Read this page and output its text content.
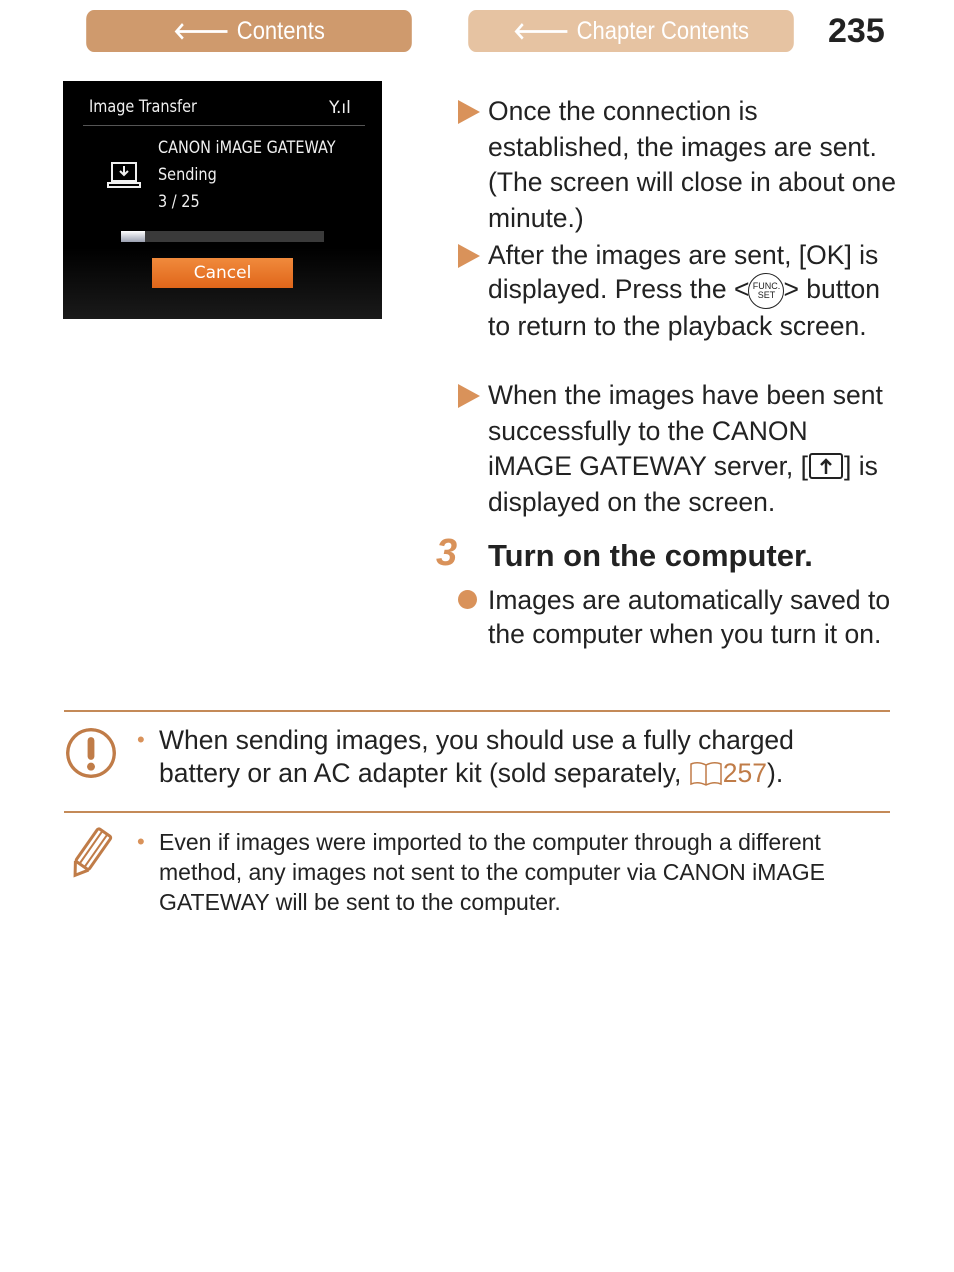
🡐 Contents	🡐 Chapter Contents 235
Image Transfer	Y.ıl
CANON iMAGE GATEWAY
Sending
3 / 25
Cancel
Once the connection is established, the images are sent. (The screen will close in about one minute.)
After the images are sent, [OK] is displayed. Press the < FUNC.
SET > button to return to the playback screen.
When the images have been sent successfully to the CANON iMAGE GATEWAY server, [ ] is displayed on the screen.
3 Turn on the computer.
Images are automatically saved to the computer when you turn it on.
• When sending images, you should use a fully charged battery or an AC adapter kit (sold separately, 257).
• Even if images were imported to the computer through a different method, any images not sent to the computer via CANON iMAGE GATEWAY will be sent to the computer.
